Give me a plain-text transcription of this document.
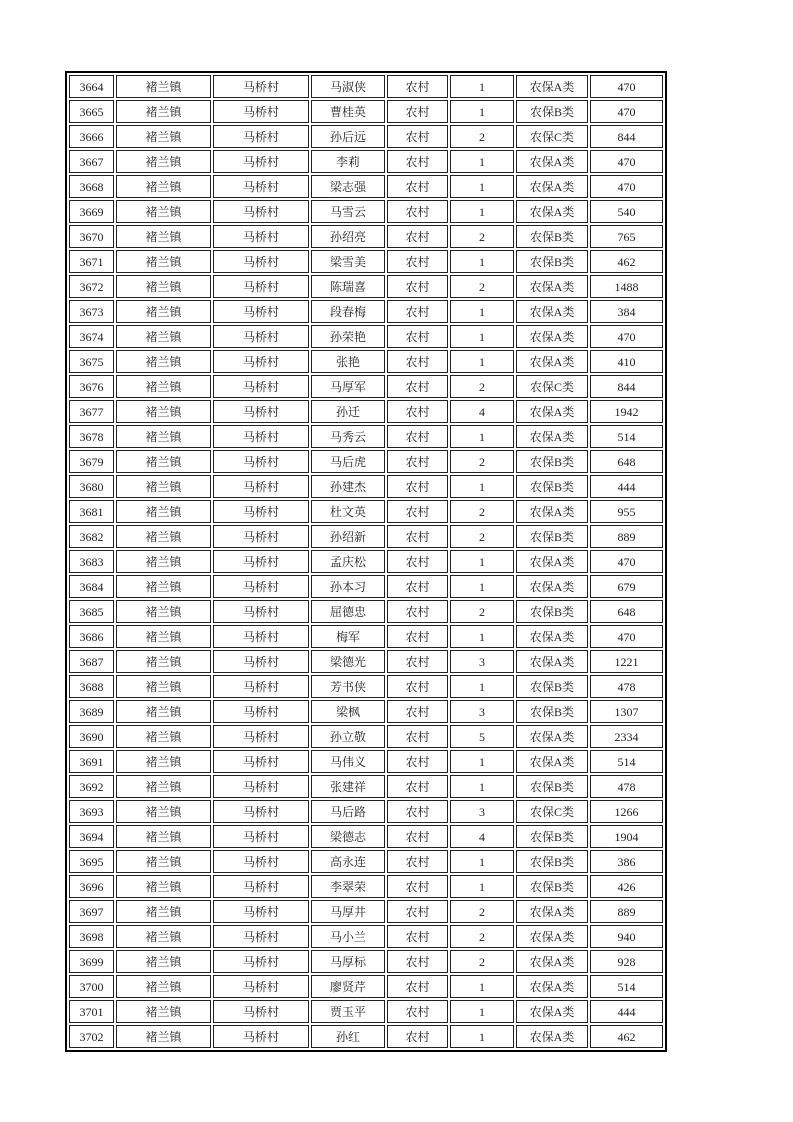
3664	褚兰镇	马桥村	马淑侠	农村	1	农保A类	470
3665	褚兰镇	马桥村	曹桂英	农村	1	农保B类	470
3666	褚兰镇	马桥村	孙后远	农村	2	农保C类	844
3667	褚兰镇	马桥村	李莉	农村	1	农保A类	470
3668	褚兰镇	马桥村	梁志强	农村	1	农保A类	470
3669	褚兰镇	马桥村	马雪云	农村	1	农保A类	540
3670	褚兰镇	马桥村	孙绍亮	农村	2	农保B类	765
3671	褚兰镇	马桥村	梁雪美	农村	1	农保B类	462
3672	褚兰镇	马桥村	陈瑞喜	农村	2	农保A类	1488
3673	褚兰镇	马桥村	段春梅	农村	1	农保A类	384
3674	褚兰镇	马桥村	孙荣艳	农村	1	农保A类	470
3675	褚兰镇	马桥村	张艳	农村	1	农保A类	410
3676	褚兰镇	马桥村	马厚军	农村	2	农保C类	844
3677	褚兰镇	马桥村	孙迁	农村	4	农保A类	1942
3678	褚兰镇	马桥村	马秀云	农村	1	农保A类	514
3679	褚兰镇	马桥村	马后虎	农村	2	农保B类	648
3680	褚兰镇	马桥村	孙建杰	农村	1	农保B类	444
3681	褚兰镇	马桥村	杜文英	农村	2	农保A类	955
3682	褚兰镇	马桥村	孙绍新	农村	2	农保B类	889
3683	褚兰镇	马桥村	孟庆松	农村	1	农保A类	470
3684	褚兰镇	马桥村	孙本习	农村	1	农保A类	679
3685	褚兰镇	马桥村	屈德忠	农村	2	农保B类	648
3686	褚兰镇	马桥村	梅军	农村	1	农保A类	470
3687	褚兰镇	马桥村	梁德光	农村	3	农保A类	1221
3688	褚兰镇	马桥村	芳书侠	农村	1	农保B类	478
3689	褚兰镇	马桥村	梁枫	农村	3	农保B类	1307
3690	褚兰镇	马桥村	孙立敬	农村	5	农保A类	2334
3691	褚兰镇	马桥村	马伟义	农村	1	农保A类	514
3692	褚兰镇	马桥村	张建祥	农村	1	农保B类	478
3693	褚兰镇	马桥村	马后路	农村	3	农保C类	1266
3694	褚兰镇	马桥村	梁德志	农村	4	农保B类	1904
3695	褚兰镇	马桥村	高永连	农村	1	农保B类	386
3696	褚兰镇	马桥村	李翠荣	农村	1	农保B类	426
3697	褚兰镇	马桥村	马厚井	农村	2	农保A类	889
3698	褚兰镇	马桥村	马小兰	农村	2	农保A类	940
3699	褚兰镇	马桥村	马厚标	农村	2	农保A类	928
3700	褚兰镇	马桥村	廖贤芹	农村	1	农保A类	514
3701	褚兰镇	马桥村	贾玉平	农村	1	农保A类	444
3702	褚兰镇	马桥村	孙红	农村	1	农保A类	462
